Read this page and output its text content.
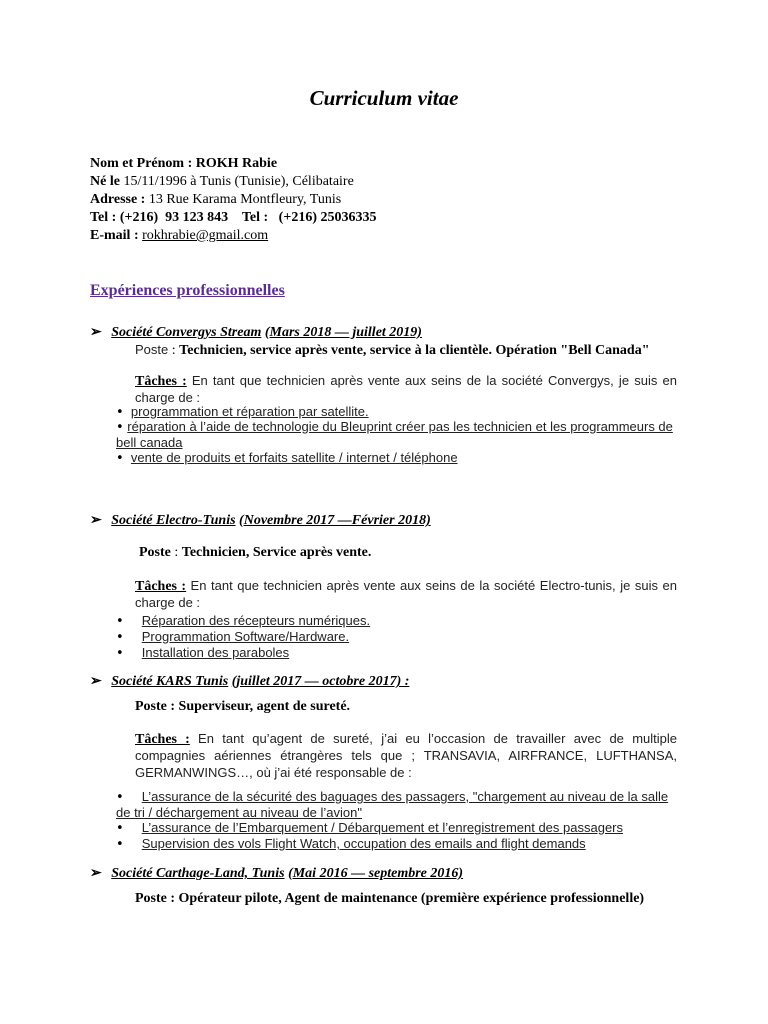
Curriculum vitae
Nom et Prénom : ROKH Rabie
Né le 15/11/1996 à Tunis (Tunisie), Célibataire
Adresse : 13 Rue Karama Montfleury, Tunis
Tel : (+216)  93 123 843    Tel :   (+216) 25036335
E-mail : rokhrabie@gmail.com
Expériences professionnelles
➢ Société Convergys Stream (Mars 2018 — juillet 2019)
Poste : Technicien, service après vente, service à la clientèle. Opération "Bell Canada"
Tâches : En tant que technicien après vente aux seins de la société Convergys, je suis en charge de :
• programmation et réparation par satellite.
• réparation à l’aide de technologie du Bleuprint créer pas les technicien et les programmeurs de bell canada
• vente de produits et forfaits satellite / internet / téléphone
➢ Société Electro-Tunis (Novembre 2017 —Février 2018)
Poste : Technicien, Service après vente.
Tâches : En tant que technicien après vente aux seins de la société Electro-tunis, je suis en charge de :
• Réparation des récepteurs numériques.
• Programmation Software/Hardware.
• Installation des paraboles
➢ Société KARS Tunis (juillet 2017 — octobre 2017) :
Poste : Superviseur, agent de sureté.
Tâches : En tant qu’agent de sureté, j’ai eu l’occasion de travailler avec de multiple compagnies aériennes étrangères tels que ; TRANSAVIA, AIRFRANCE, LUFTHANSA, GERMANWINGS…, où j’ai été responsable de :
• L’assurance de la sécurité des baguages des passagers, "chargement au niveau de la salle de tri / déchargement au niveau de l’avion"
• L’assurance de l’Embarquement / Débarquement et l’enregistrement des passagers
• Supervision des vols Flight Watch, occupation des emails and flight demands
➢ Société Carthage-Land, Tunis (Mai 2016 — septembre 2016)
Poste : Opérateur pilote, Agent de maintenance (première expérience professionnelle)
